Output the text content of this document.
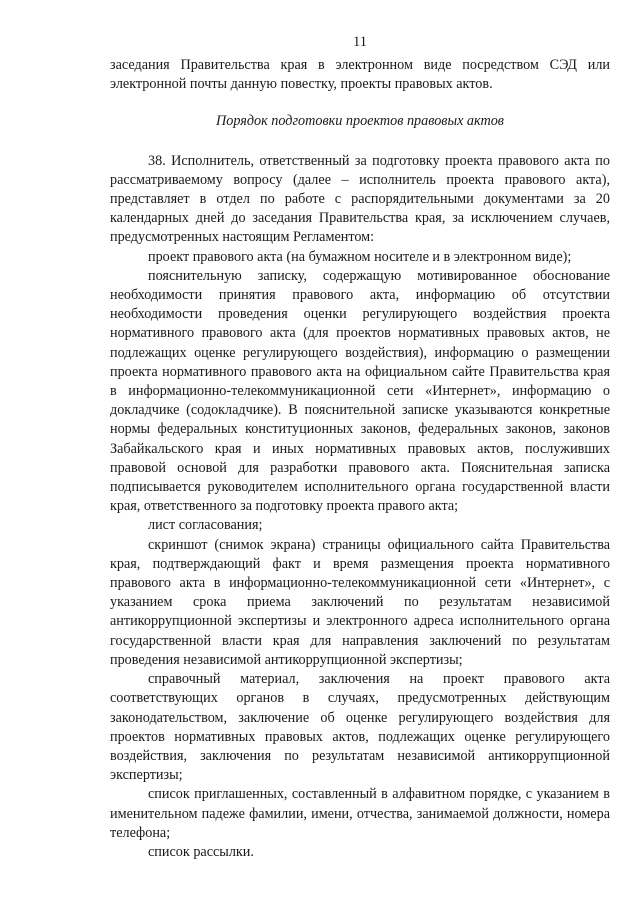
11

заседания Правительства края в электронном виде посредством СЭД или электронной почты данную повестку, проекты правовых актов.

Порядок подготовки проектов правовых актов

38. Исполнитель, ответственный за подготовку проекта правового акта по рассматриваемому вопросу (далее – исполнитель проекта правового акта), представляет в отдел по работе с распорядительными документами за 20 календарных дней до заседания Правительства края, за исключением случаев, предусмотренных настоящим Регламентом:

проект правового акта (на бумажном носителе и в электронном виде);

пояснительную записку, содержащую мотивированное обоснование необходимости принятия правового акта, информацию об отсутствии необходимости проведения оценки регулирующего воздействия проекта нормативного правового акта (для проектов нормативных правовых актов, не подлежащих оценке регулирующего воздействия), информацию о размещении проекта нормативного правового акта на официальном сайте Правительства края в информационно-телекоммуникационной сети «Интернет», информацию о докладчике (содокладчике). В пояснительной записке указываются конкретные нормы федеральных конституционных законов, федеральных законов, законов Забайкальского края и иных нормативных правовых актов, послуживших правовой основой для разработки правового акта. Пояснительная записка подписывается руководителем исполнительного органа государственной власти края, ответственного за подготовку проекта правого акта;

лист согласования;

скриншот (снимок экрана) страницы официального сайта Правительства края, подтверждающий факт и время размещения проекта нормативного правового акта в информационно-телекоммуникационной сети «Интернет», с указанием срока приема заключений по результатам независимой антикоррупционной экспертизы и электронного адреса исполнительного органа государственной власти края для направления заключений по результатам проведения независимой антикоррупционной экспертизы;

справочный материал, заключения на проект правового акта соответствующих органов в случаях, предусмотренных действующим законодательством, заключение об оценке регулирующего воздействия для проектов нормативных правовых актов, подлежащих оценке регулирующего воздействия, заключения по результатам независимой антикоррупционной экспертизы;

список приглашенных, составленный в алфавитном порядке, с указанием в именительном падеже фамилии, имени, отчества, занимаемой должности, номера телефона;

список рассылки.
